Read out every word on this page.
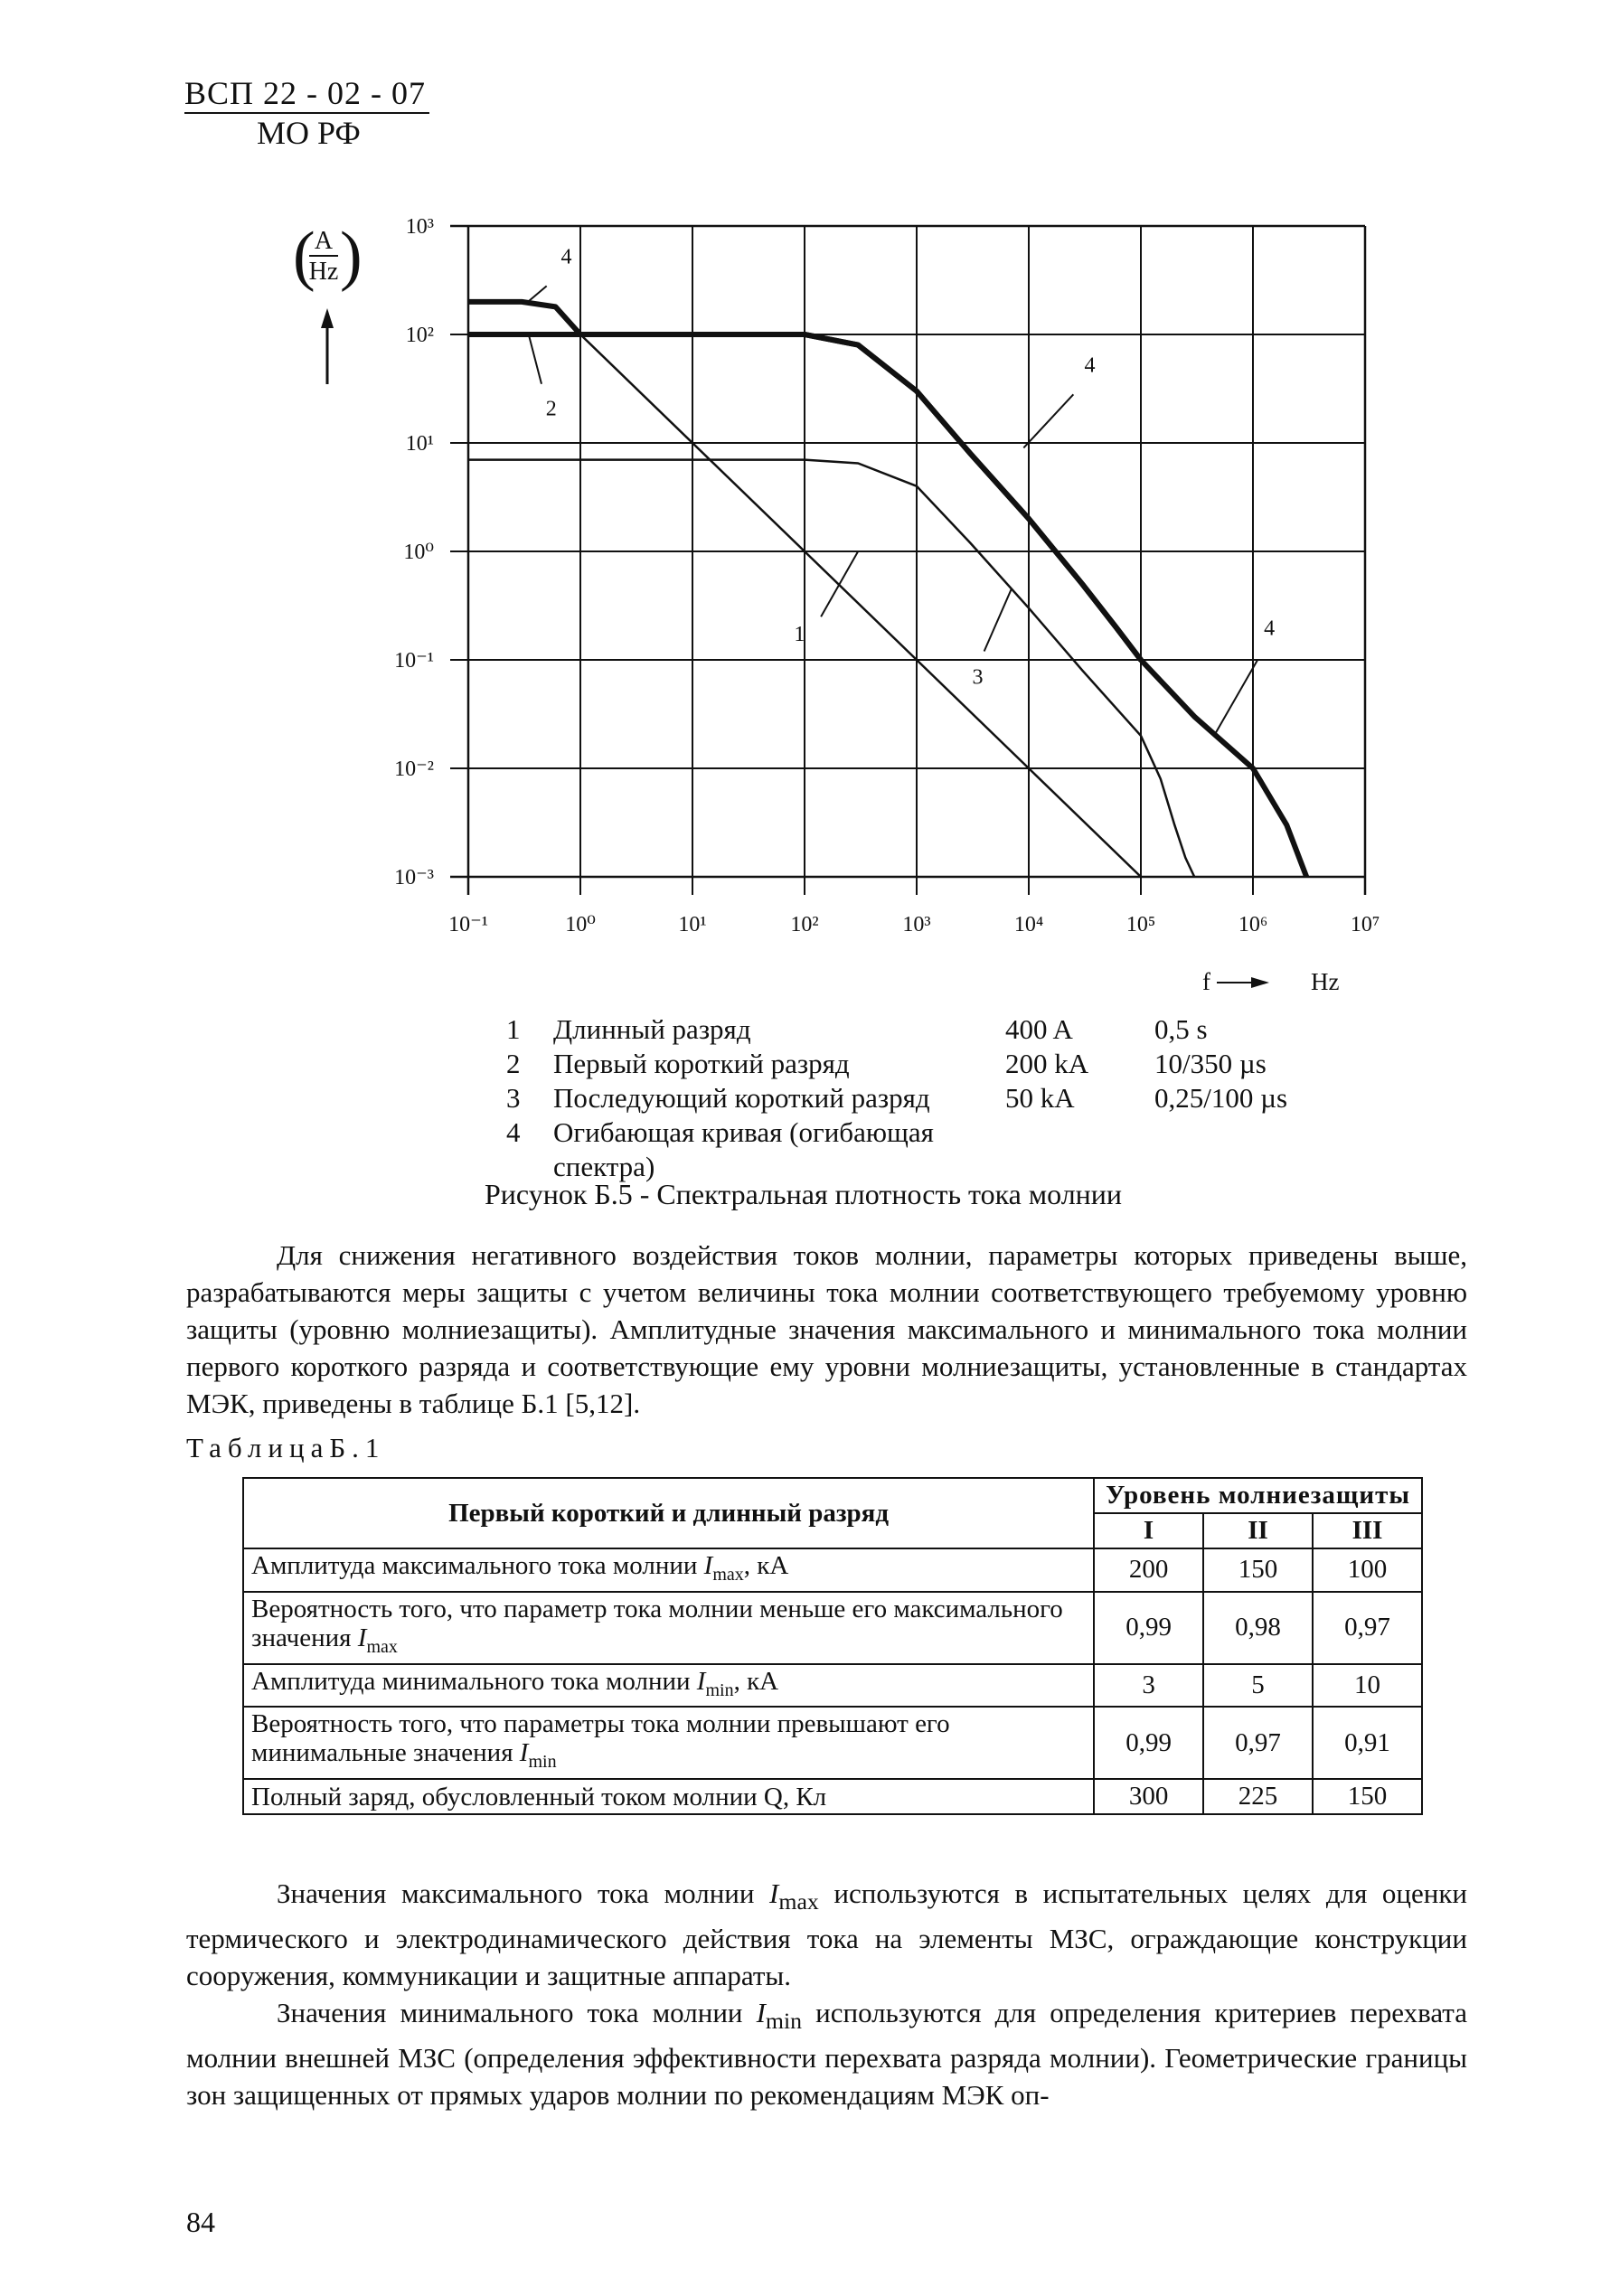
ВСП 22 - 02 - 07
МО РФ
10⁻¹	10⁰	10¹	10²	10³	10⁴	10⁵	10⁶	10⁷
10³
10²
10¹
10⁰
10⁻¹
10⁻²
10⁻³
4
2
4
1
3
4
( A
Hz )
f	Hz
1	Длинный разряд	400 A	0,5 s
2	Первый короткий разряд	200 kA	10/350 µs
3	Последующий короткий разряд	50 kA	0,25/100 µs
4	Огибающая кривая (огибающая спектра)
Рисунок Б.5 - Спектральная плотность тока молнии

Для снижения негативного воздействия токов молнии, параметры которых приведены выше, разрабатываются меры защиты с учетом величины тока молнии соответствующего требуемому уровню защиты (уровню молниезащиты). Амплитудные значения максимального и минимального тока молнии первого короткого разряда и соответствующие ему уровни молниезащиты, установленные в стандартах МЭК, приведены в таблице Б.1 [5,12].

ТаблицаБ.1
Первый короткий и длинный разряд	Уровень молниезащиты		
	I	II	III
Амплитуда максимального тока молнии $I_{max}$, кА	200	150	100
Вероятность того, что параметр тока молнии меньше его максимального значения $I_{max}$	0,99	0,98	0,97
Амплитуда минимального тока молнии $I_{min}$, кА	3	5	10
Вероятность того, что параметры тока молнии превышают его минимальные значения $I_{min}$	0,99	0,97	0,91
Полный заряд, обусловленный током молнии Q, Кл	300	225	150

Значения максимального тока молнии $I_{max}$ используются в испытательных целях для оценки термического и электродинамического действия тока на элементы МЗС, ограждающие конструкции сооружения, коммуникации и защитные аппараты.

Значения минимального тока молнии $I_{min}$ используются для определения критериев перехвата молнии внешней МЗС (определения эффективности перехвата разряда молнии). Геометрические границы зон защищенных от прямых ударов молнии по рекомендациям МЭК оп-

84
